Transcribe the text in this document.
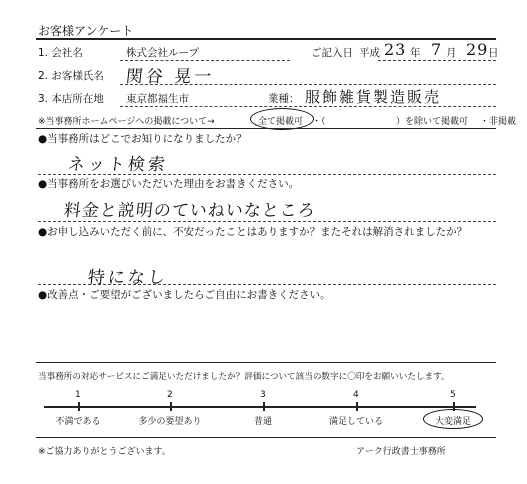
お客様アンケート
1. 会社名	株式会社ループ	ご記入日 平成 23 年 7 月 29 日
2. お客様氏名 関谷 晃一
3. 本店所在地 東京都福生市	業種： 服飾雑貨製造販売
※当事務所ホームページへの掲載について→	全て掲載可 ・（	）を除いて掲載可 ・非掲載
●当事務所はどこでお知りになりましたか？
ネット検索
●当事務所をお選びいただいた理由をお書きください。
料金と説明のていねいなところ
●お申し込みいただく前に、不安だったことはありますか？またそれは解消されましたか？
特になし
●改善点・ご要望がございましたらご自由にお書きください。
当事務所の対応サービスにご満足いただけましたか？評価について該当の数字に〇印をお願いいたします。
1
不満である
2
多少の要望あり
3
普通
4
満足している
5
大変満足
※ご協力ありがとうございます。	アーク行政書士事務所
